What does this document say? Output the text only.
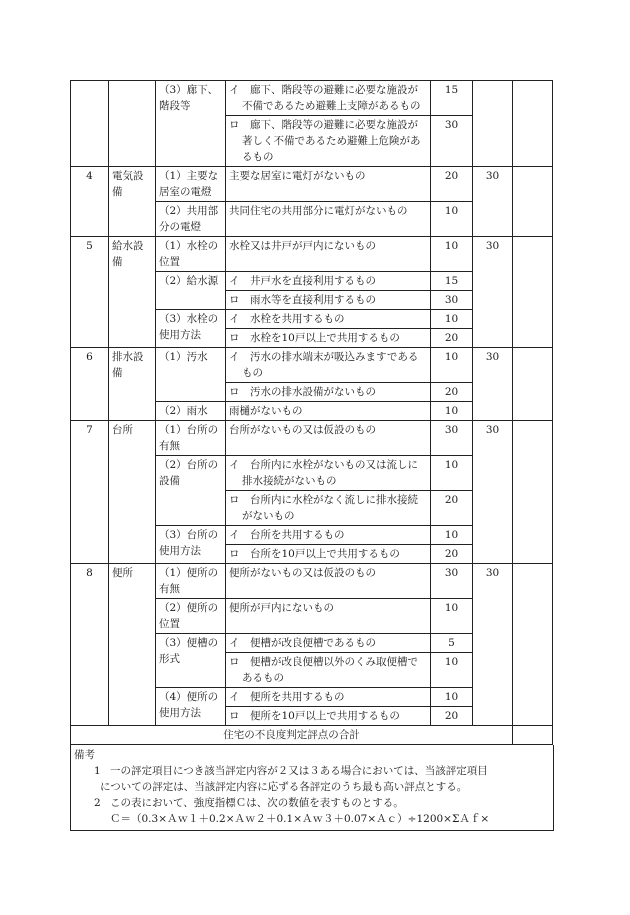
		（3）廊下、階段等	イ　廊下、階段等の避難に必要な施設が不備であるため避難上支障があるもの	15		

			ロ　廊下、階段等の避難に必要な施設が著しく不備であるため避難上危険があるもの	30		
4	電気設備	（1）主要な居室の電燈	主要な居室に電灯がないもの	20	30	
		（2）共用部分の電燈	共同住宅の共用部分に電灯がないもの	10		
5	給水設備	（1）水栓の位置	水栓又は井戸が戸内にないもの	10	30	
		（2）給水源	イ　井戸水を直接利用するもの	15		

			ロ　雨水等を直接利用するもの	30		
		（3）水栓の使用方法	イ　水栓を共用するもの	10		

			ロ　水栓を10戸以上で共用するもの	20		
6	排水設備	（1）汚水	イ　汚水の排水端末が吸込みますであるもの	10	30	

			ロ　汚水の排水設備がないもの	20		
		（2）雨水	雨樋がないもの	10		
7	台所	（1）台所の有無	台所がないもの又は仮設のもの	30	30	
		（2）台所の設備	イ　台所内に水栓がないもの又は流しに排水接続がないもの	10		

			ロ　台所内に水栓がなく流しに排水接続がないもの	20		
		（3）台所の使用方法	イ　台所を共用するもの	10		

			ロ　台所を10戸以上で共用するもの	20		
8	便所	（1）便所の有無	便所がないもの又は仮設のもの	30	30	
		（2）便所の位置	便所が戸内にないもの	10		
		（3）便槽の形式	イ　便槽が改良便槽であるもの	5		

			ロ　便槽が改良便槽以外のくみ取便槽であるもの	10		
		（4）便所の使用方法	イ　便所を共用するもの	10		

			ロ　便所を10戸以上で共用するもの	20		
住宅の不良度判定評点の合計						
備考
1 一の評定項目につき該当評定内容が２又は３ある場合においては、当該評定項目
についての評定は、当該評定内容に応ずる各評定のうち最も高い評点とする。
2 この表において、強度指標Ｃは、次の数値を表すものとする。
Ｃ＝（0.3×Ａｗ１＋0.2×Ａｗ２＋0.1×Ａｗ３＋0.07×Ａｃ）÷1200×ΣＡｆ×
